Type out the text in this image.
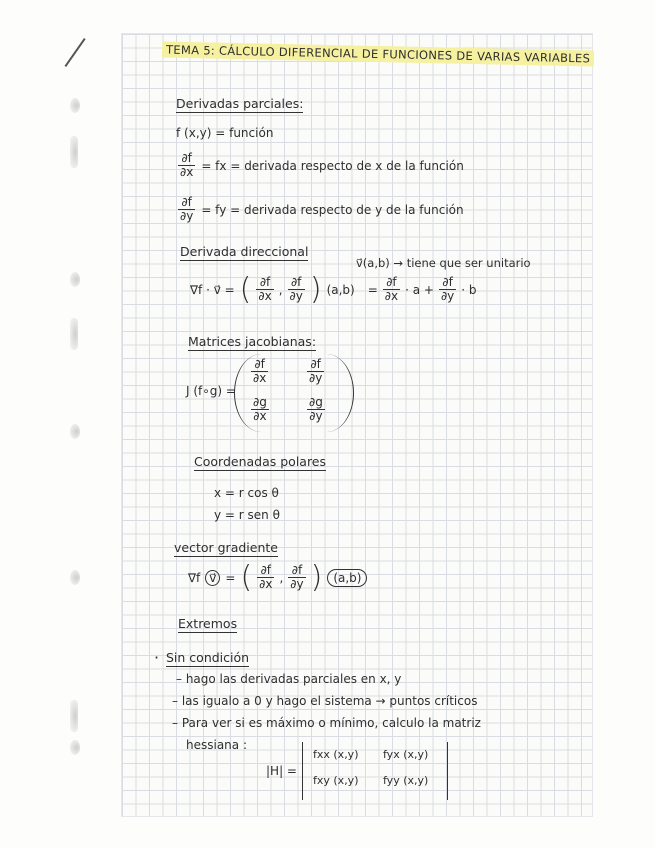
TEMA 5: CÁLCULO DIFERENCIAL DE FUNCIONES DE VARIAS VARIABLES
Derivadas parciales:
f (x,y) = función
$\frac{\partial f}{\partial x}$ = fx = derivada respecto de x de la función
$\frac{\partial f}{\partial y}$ = fy = derivada respecto de y de la función
Derivada direccional
v⃗(a,b) → tiene que ser unitario
∇f · v⃗ = ( $\frac{\partial f}{\partial x}$ , $\frac{\partial f}{\partial y}$ ) $(a,b) = \frac{\partial f}{\partial x} \cdot a + \frac{\partial f}{\partial y} \cdot b$
Matrices jacobianas:
J (f∘g) =
$\frac{\partial f}{\partial x}$	$\frac{\partial f}{\partial y}$
$\frac{\partial g}{\partial x}$	$\frac{\partial g}{\partial y}$
Coordenadas polares
x = r cos θ
y = r sen θ
vector gradiente
∇f v⃗ = ( $\frac{\partial f}{\partial x}$ , $\frac{\partial f}{\partial y}$ ) (a,b)
Extremos
· Sin condición
– hago las derivadas parciales en x, y
– las igualo a 0 y hago el sistema → puntos críticos
– Para ver si es máximo o mínimo, calculo la matriz
hessiana :
|H| =
fxx (x,y) fyx (x,y)
fxy (x,y) fyy (x,y)
